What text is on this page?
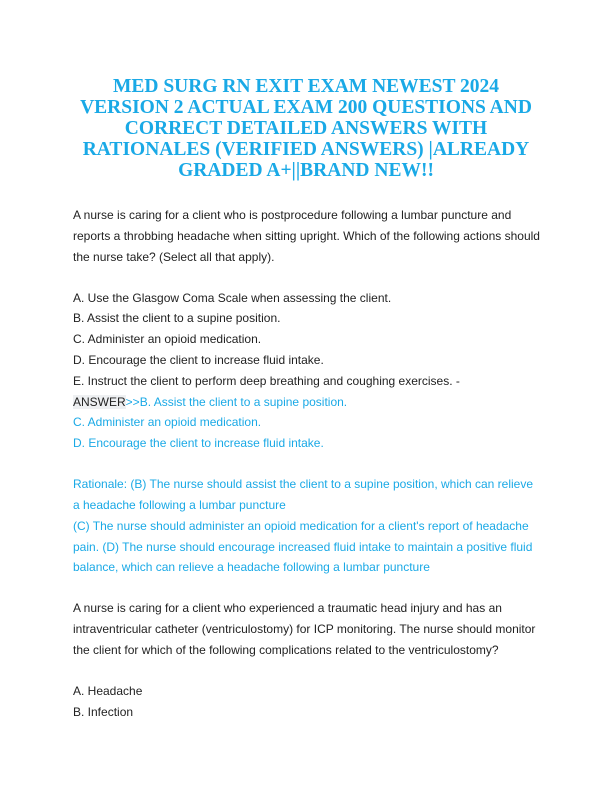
MED SURG RN EXIT EXAM NEWEST 2024
VERSION 2 ACTUAL EXAM 200 QUESTIONS AND
CORRECT DETAILED ANSWERS WITH
RATIONALES (VERIFIED ANSWERS) |ALREADY
GRADED A+||BRAND NEW!!
A nurse is caring for a client who is postprocedure following a lumbar puncture and
reports a throbbing headache when sitting upright. Which of the following actions should
the nurse take? (Select all that apply).
A. Use the Glasgow Coma Scale when assessing the client.
B. Assist the client to a supine position.
C. Administer an opioid medication.
D. Encourage the client to increase fluid intake.
E. Instruct the client to perform deep breathing and coughing exercises. -
ANSWER>>B. Assist the client to a supine position.
C. Administer an opioid medication.
D. Encourage the client to increase fluid intake.
Rationale: (B) The nurse should assist the client to a supine position, which can relieve
a headache following a lumbar puncture
(C) The nurse should administer an opioid medication for a client's report of headache
pain. (D) The nurse should encourage increased fluid intake to maintain a positive fluid
balance, which can relieve a headache following a lumbar puncture
A nurse is caring for a client who experienced a traumatic head injury and has an
intraventricular catheter (ventriculostomy) for ICP monitoring. The nurse should monitor
the client for which of the following complications related to the ventriculostomy?
A. Headache
B. Infection
